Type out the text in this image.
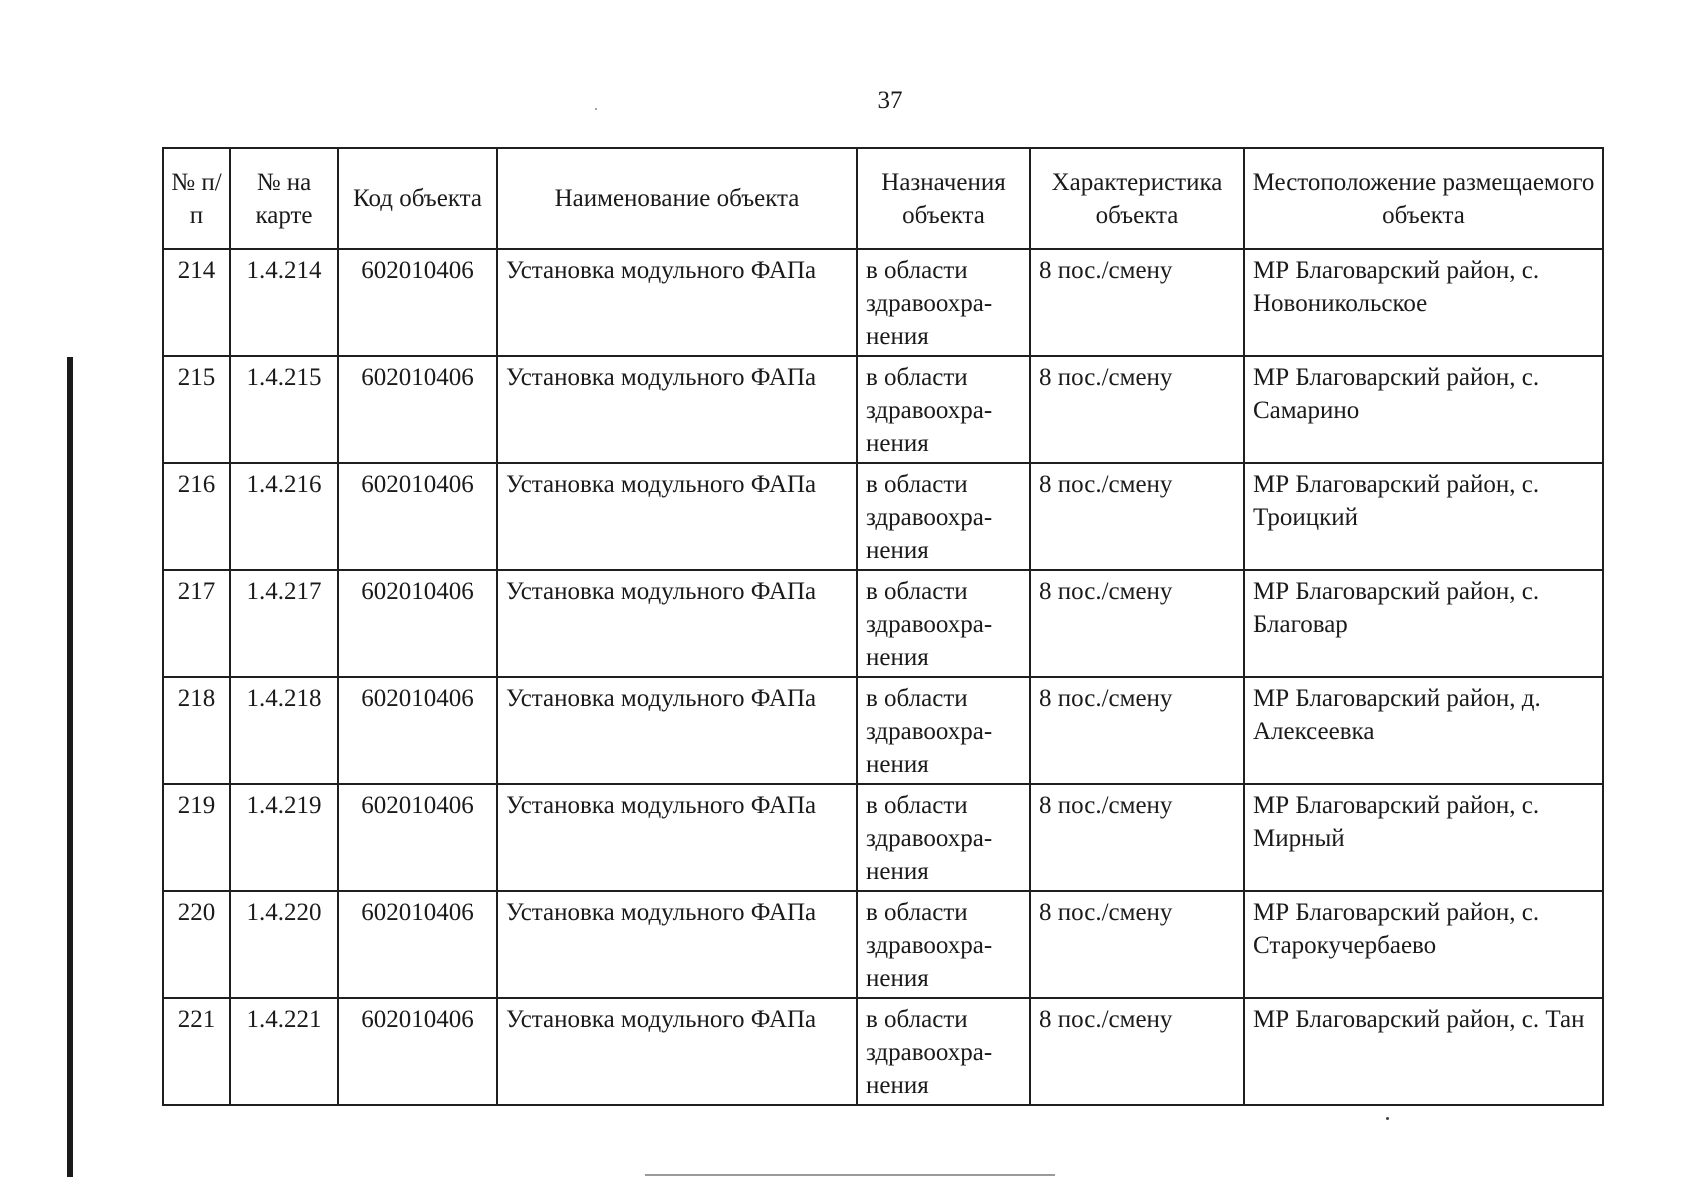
37
№ п/п	№ на карте	Код объекта	Наименование объекта	Назначения объекта	Характеристика объекта	Местоположение размещаемого объекта
214	1.4.214	602010406	Установка модульного ФАПа	в области здравоохра- нения	8 пос./смену	МР Благоварский район, с. Новоникольское
215	1.4.215	602010406	Установка модульного ФАПа	в области здравоохра- нения	8 пос./смену	МР Благоварский район, с. Самарино
216	1.4.216	602010406	Установка модульного ФАПа	в области здравоохра- нения	8 пос./смену	МР Благоварский район, с. Троицкий
217	1.4.217	602010406	Установка модульного ФАПа	в области здравоохра- нения	8 пос./смену	МР Благоварский район, с. Благовар
218	1.4.218	602010406	Установка модульного ФАПа	в области здравоохра- нения	8 пос./смену	МР Благоварский район, д. Алексеевка
219	1.4.219	602010406	Установка модульного ФАПа	в области здравоохра- нения	8 пос./смену	МР Благоварский район, с. Мирный
220	1.4.220	602010406	Установка модульного ФАПа	в области здравоохра- нения	8 пос./смену	МР Благоварский район, с. Старокучербаево
221	1.4.221	602010406	Установка модульного ФАПа	в области здравоохра- нения	8 пос./смену	МР Благоварский район, с. Тан
